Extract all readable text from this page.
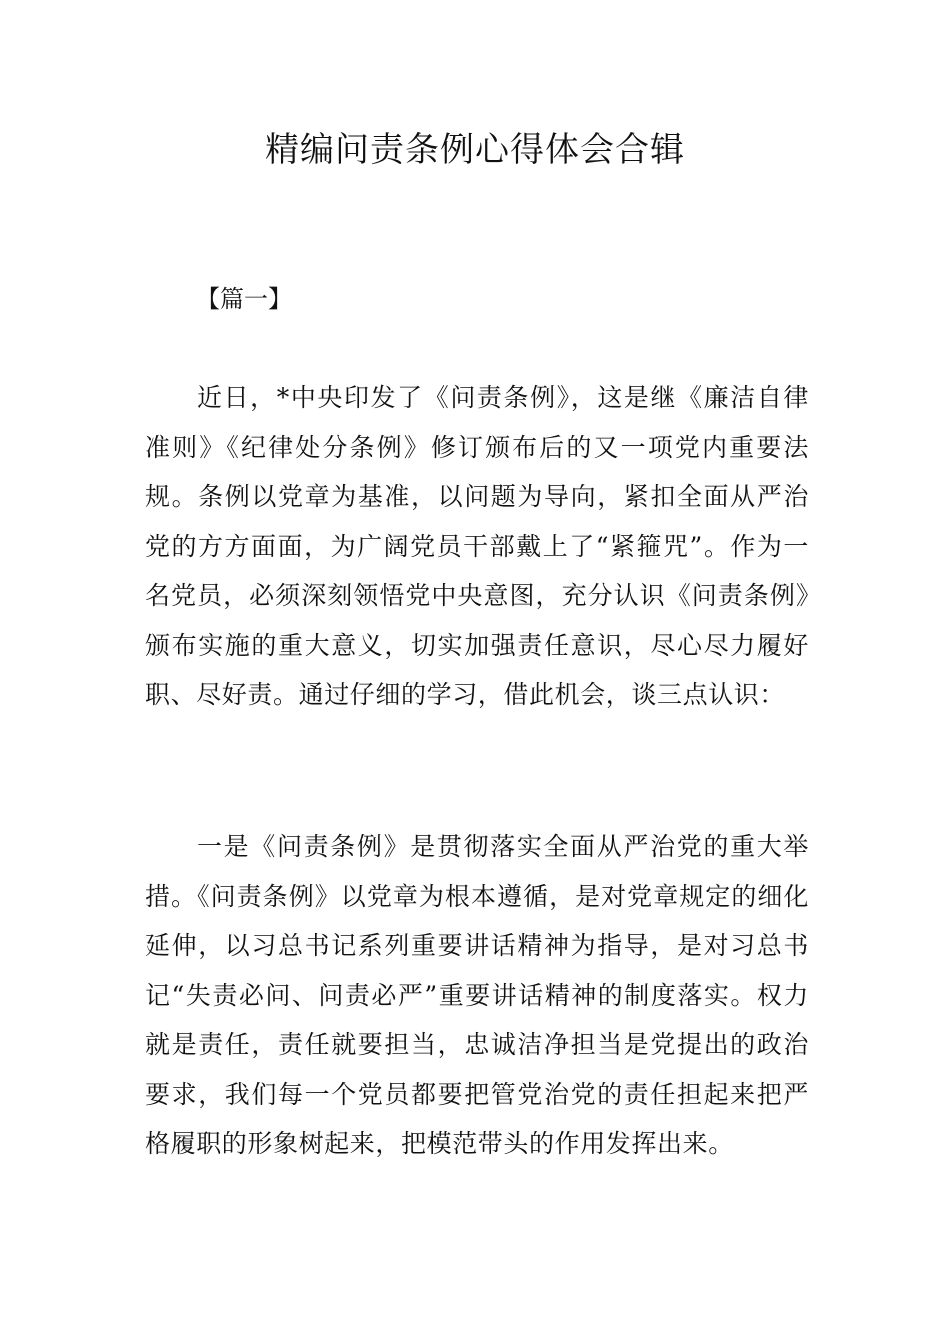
精编问责条例心得体会合辑

【篇一】

近日，*中央印发了《问责条例》，这是继《廉洁自律准则》《纪律处分条例》修订颁布后的又一项党内重要法规。条例以党章为基准，以问题为导向，紧扣全面从严治党的方方面面，为广阔党员干部戴上了“紧箍咒”。作为一名党员，必须深刻领悟党中央意图，充分认识《问责条例》颁布实施的重大意义，切实加强责任意识，尽心尽力履好职、尽好责。通过仔细的学习，借此机会，谈三点认识：

一是《问责条例》是贯彻落实全面从严治党的重大举措。《问责条例》以党章为根本遵循，是对党章规定的细化延伸，以习总书记系列重要讲话精神为指导，是对习总书记“失责必问、问责必严”重要讲话精神的制度落实。权力就是责任，责任就要担当，忠诚洁净担当是党提出的政治要求，我们每一个党员都要把管党治党的责任担起来把严格履职的形象树起来，把模范带头的作用发挥出来。
